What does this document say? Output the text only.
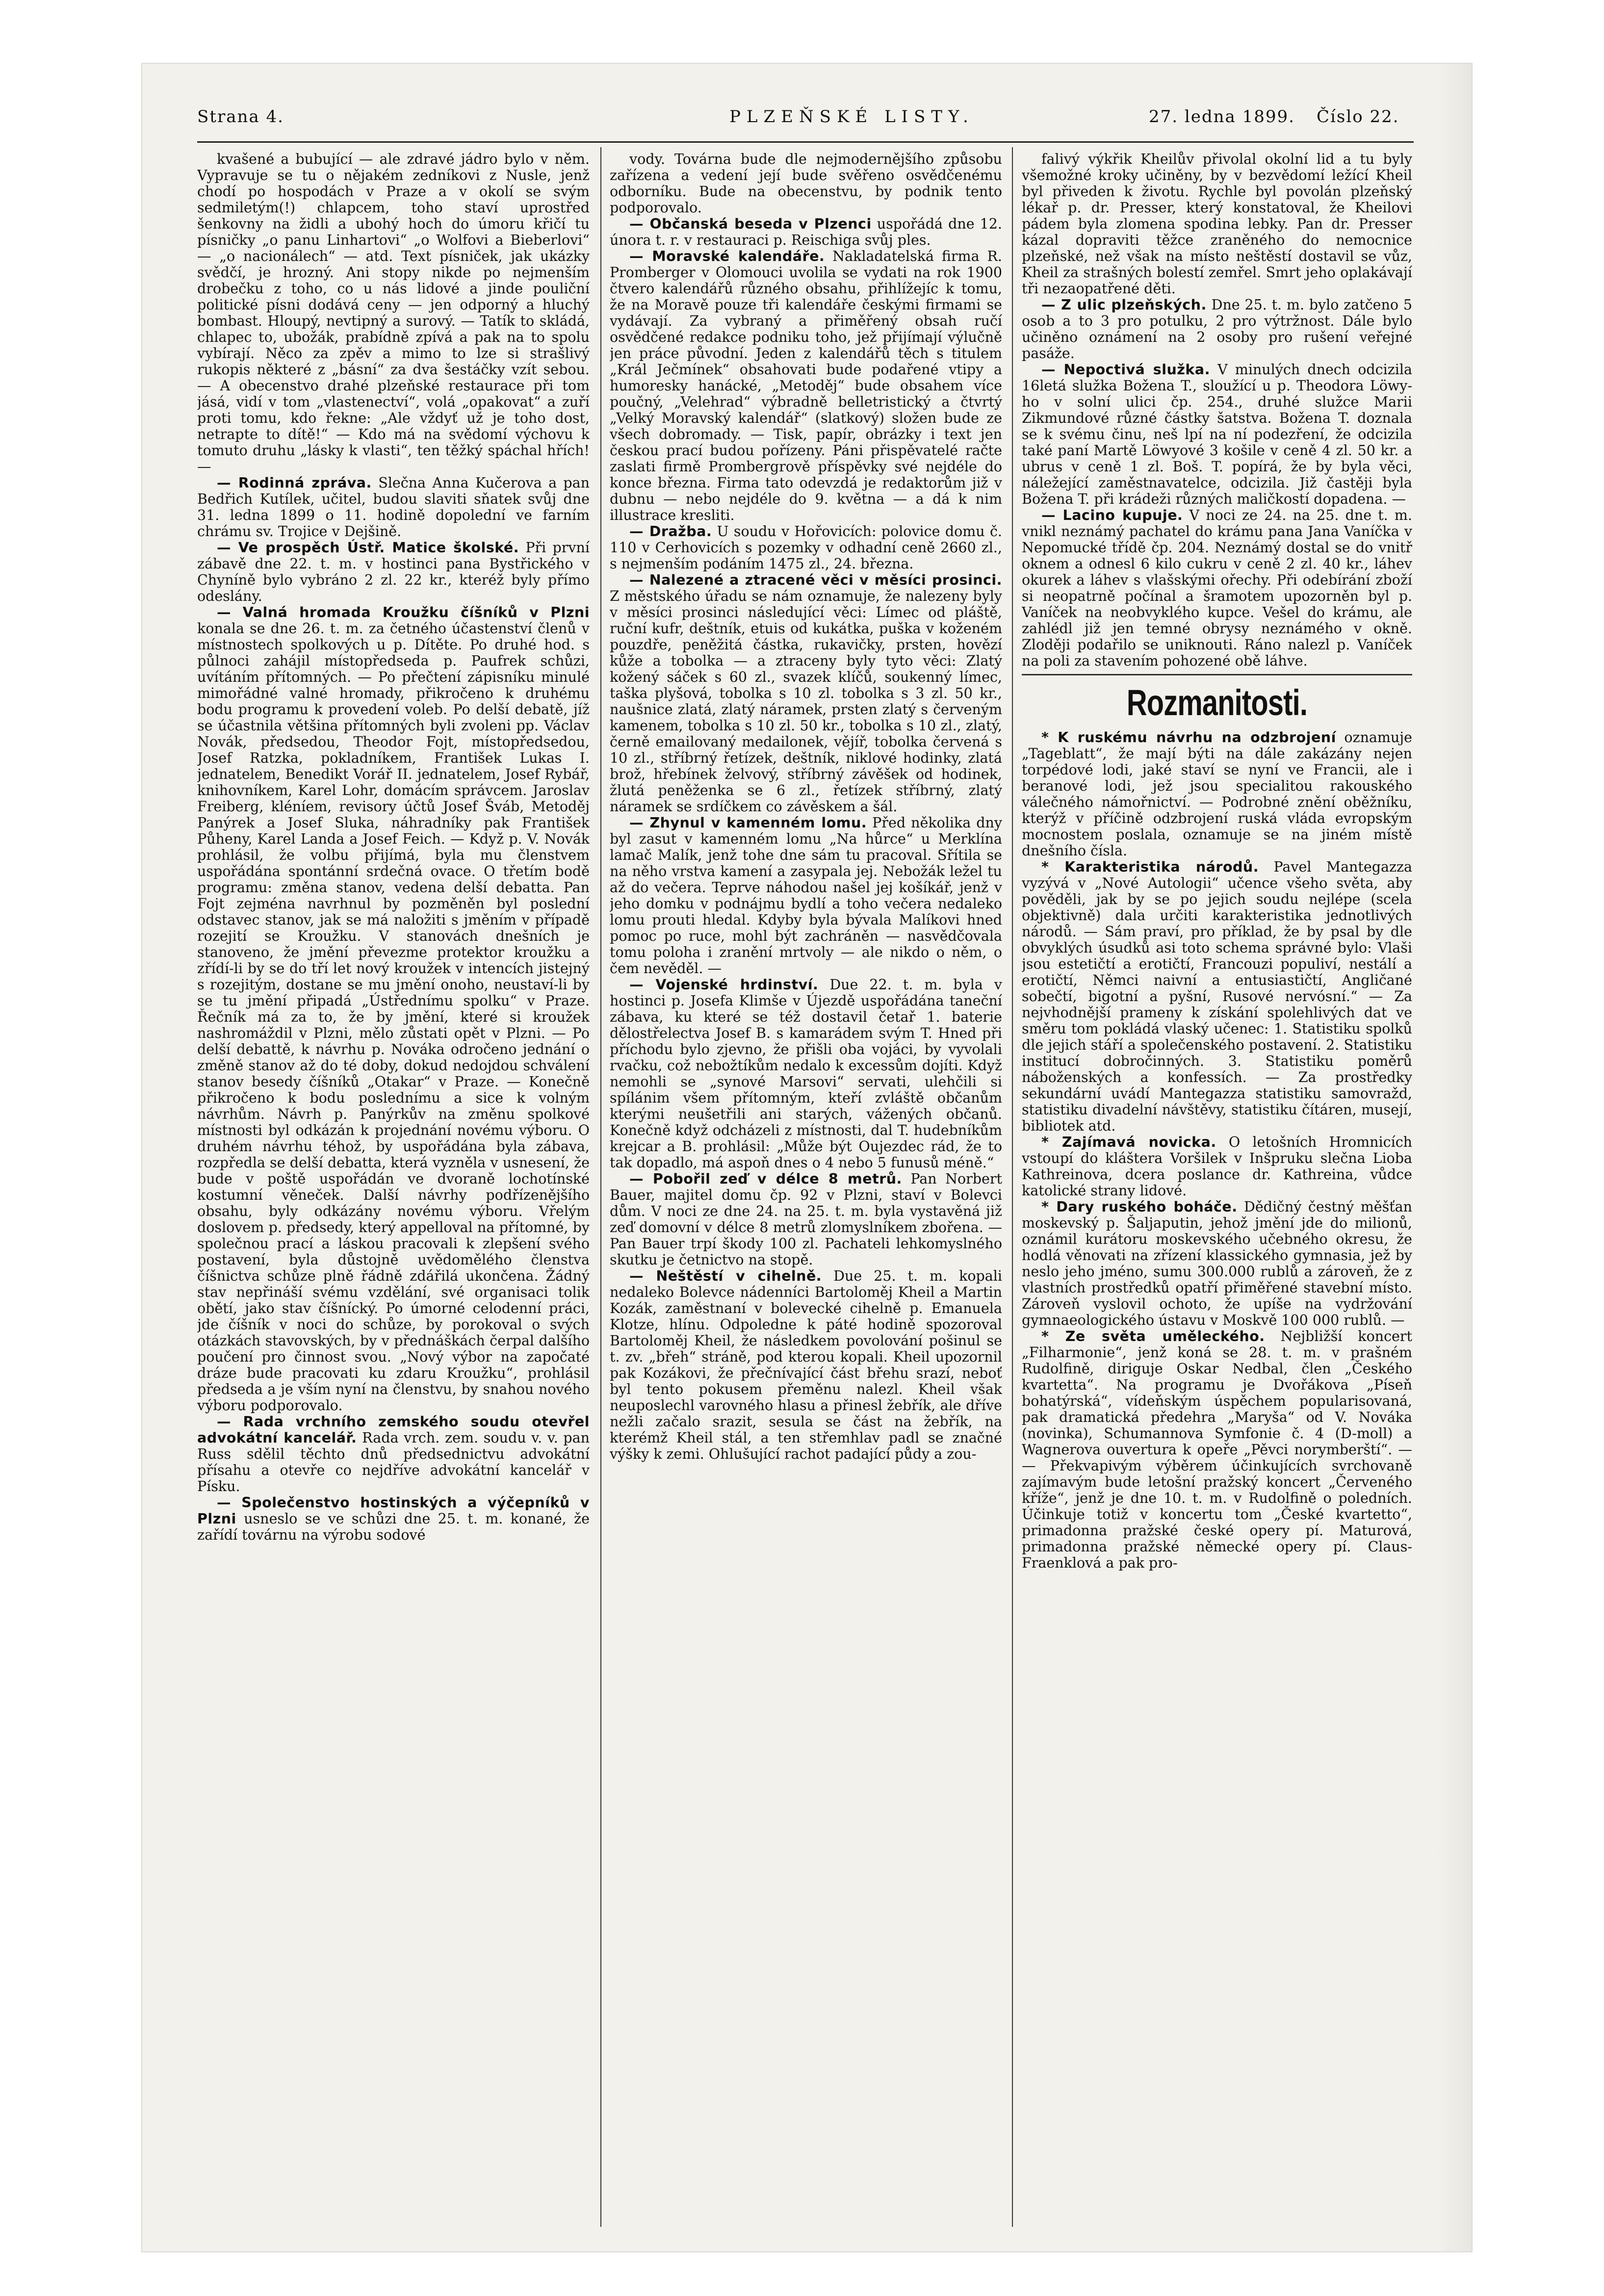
Strana 4.	PLZEŇSKÉ LISTY.	27. ledna 1899. Číslo 22.

kvašené a bubující — ale zdravé jádro bylo v něm. Vypravuje se tu o nějakém zedníkovi z Nusle, jenž chodí po hospodách v Praze a v okolí se svým sedmiletým(!) chlapcem, toho staví uprostřed šenkovny na židli a ubohý hoch do úmoru křičí tu písničky „o panu Linhartovi“ „o Wolfovi a Bieberlovi“ — „o nacionálech“ — atd. Text písniček, jak ukázky svědčí, je hrozný. Ani stopy nikde po nejmenším drobečku z toho, co u nás lidové a jinde pouliční politické písni dodává ceny — jen odporný a hluchý bombast. Hloupý, nevtipný a surový. — Tatík to skládá, chlapec to, ubožák, prabídně zpívá a pak na to spolu vybírají. Něco za zpěv a mimo to lze si strašlivý rukopis některé z „básní“ za dva šestáčky vzít sebou. — A obecenstvo drahé plzeňské restaurace při tom jásá, vidí v tom „vlastenectví“, volá „opakovat“ a zuří proti tomu, kdo řekne: „Ale vždyť už je toho dost, netrapte to dítě!“ — Kdo má na svědomí výchovu k tomuto druhu „lásky k vlasti“, ten těžký spáchal hřích! —

— Rodinná zpráva. Slečna Anna Kučerova a pan Bedřich Kutílek, učitel, budou slaviti sňatek svůj dne 31. ledna 1899 o 11. hodině dopolední ve farním chrámu sv. Trojice v Dejšině.

— Ve prospěch Ústř. Matice školské. Při první zábavě dne 22. t. m. v hostinci pana Bystřického v Chyníně bylo vybráno 2 zl. 22 kr., kteréž byly přímo odeslány.

— Valná hromada Kroužku číšníků v Plzni konala se dne 26. t. m. za četného účastenství členů v místnostech spolkových u p. Dítěte. Po druhé hod. s půlnoci zahájil místopředseda p. Paufrek schůzi, uvítáním přítomných. — Po přečtení zápisníku minulé mimořádné valné hromady, přikročeno k druhému bodu programu k provedení voleb. Po delší debatě, jíž se účastnila většina přítomných byli zvoleni pp. Václav Novák, předsedou, Theodor Fojt, místopředsedou, Josef Ratzka, pokladníkem, František Lukas I. jednatelem, Benedikt Vorář II. jednatelem, Josef Rybář, knihovníkem, Karel Lohr, domácím správcem. Jaroslav Freiberg, kléníem, revisory účtů Josef Šváb, Metoděj Panýrek a Josef Sluka, náhradníky pak František Půheny, Karel Landa a Josef Feich. — Když p. V. Novák prohlásil, že volbu přijímá, byla mu členstvem uspořádána spontánní srdečná ovace. O třetím bodě programu: změna stanov, vedena delší debatta. Pan Fojt zejména navrhnul by pozměněn byl poslední odstavec stanov, jak se má naložiti s jměním v případě rozejití se Kroužku. V stanovách dnešních je stanoveno, že jmění převezme protektor kroužku a zřídí-li by se do tří let nový kroužek v intencích jistejný s rozejitým, dostane se mu jmění onoho, neustaví-li by se tu jmění připadá „Ústřednímu spolku“ v Praze. Řečník má za to, že by jmění, které si kroužek nashromáždil v Plzni, mělo zůstati opět v Plzni. — Po delší debattě, k návrhu p. Nováka odročeno jednání o změně stanov až do té doby, dokud nedojdou schválení stanov besedy číšníků „Otakar“ v Praze. — Konečně přikročeno k bodu poslednímu a sice k volným návrhům. Návrh p. Panýrkův na změnu spolkové místnosti byl odkázán k projednání novému výboru. O druhém návrhu téhož, by uspořádána byla zábava, rozpředla se delší debatta, která vyzněla v usnesení, že bude v poště uspořádán ve dvoraně lochotínské kostumní věneček. Další návrhy podřízenějšího obsahu, byly odkázány novému výboru. Vřelým doslovem p. předsedy, který appelloval na přítomné, by společnou prací a láskou pracovali k zlepšení svého postavení, byla důstojně uvědomělého členstva číšnictva schůze plně řádně zdářilá ukončena. Žádný stav nepřináší svému vzdělání, své organisaci tolik obětí, jako stav číšnícký. Po úmorné celodenní práci, jde číšník v noci do schůze, by porokoval o svých otázkách stavovských, by v přednáškách čerpal dalšího poučení pro činnost svou. „Nový výbor na započaté dráze bude pracovati ku zdaru Kroužku“, prohlásil předseda a je vším nyní na členstvu, by snahou nového výboru podporovalo.

— Rada vrchního zemského soudu otevřel advokátní kancelář. Rada vrch. zem. soudu v. v. pan Russ sdělil těchto dnů předsednictvu advokátní přísahu a otevře co nejdříve advokátní kancelář v Písku.

— Společenstvo hostinských a výčepníků v Plzni usneslo se ve schůzi dne 25. t. m. konané, že zařídí továrnu na výrobu sodové

vody. Továrna bude dle nejmodernějšího způsobu zařízena a vedení její bude svěřeno osvědčenému odborníku. Bude na obecenstvu, by podnik tento podporovalo.

— Občanská beseda v Plzenci uspořádá dne 12. února t. r. v restauraci p. Reischiga svůj ples.

— Moravské kalendáře. Nakladatelská firma R. Promberger v Olomouci uvolila se vydati na rok 1900 čtvero kalendářů různého obsahu, přihlížejíc k tomu, že na Moravě pouze tři kalendáře českými firmami se vydávají. Za vybraný a přiměřený obsah ručí osvědčené redakce podniku toho, jež přijímají výlučně jen práce původní. Jeden z kalendářů těch s titulem „Král Ječmínek“ obsahovati bude podařené vtipy a humoresky hanácké, „Metoděj“ bude obsahem více poučný, „Velehrad“ výbradně belletristický a čtvrtý „Velký Moravský kalendář“ (slatkový) složen bude ze všech dobromady. — Tisk, papír, obrázky i text jen českou prací budou pořízeny. Páni přispěvatelé račte zaslati firmě Prombergrově příspěvky své nejdéle do konce března. Firma tato odevzdá je redaktorům již v dubnu — nebo nejdéle do 9. května — a dá k nim illustrace kresliti.

— Dražba. U soudu v Hořovicích: polovice domu č. 110 v Cerhovicích s pozemky v odhadní ceně 2660 zl., s nejmenším podáním 1475 zl., 24. března.

— Nalezené a ztracené věci v měsíci prosinci. Z městského úřadu se nám oznamuje, že nalezeny byly v měsíci prosinci následující věci: Límec od pláště, ruční kufr, deštník, etuis od kukátka, puška v koženém pouzdře, peněžitá částka, rukavičky, prsten, hovězí kůže a tobolka — a ztraceny byly tyto věci: Zlatý kožený sáček s 60 zl., svazek klíčů, soukenný límec, taška plyšová, tobolka s 10 zl. tobolka s 3 zl. 50 kr., naušnice zlatá, zlatý náramek, prsten zlatý s červeným kamenem, tobolka s 10 zl. 50 kr., tobolka s 10 zl., zlatý, černě emailovaný medailonek, vějíř, tobolka červená s 10 zl., stříbrný řetízek, deštník, niklové hodinky, zlatá brož, hřebínek želvový, stříbrný závěšek od hodinek, žlutá peněženka se 6 zl., řetízek stříbrný, zlatý náramek se srdíčkem co závěskem a šál.

— Zhynul v kamenném lomu. Před několika dny byl zasut v kamenném lomu „Na hůrce“ u Merklína lamač Malík, jenž tohe dne sám tu pracoval. Sřítila se na něho vrstva kamení a zasypala jej. Nebožák ležel tu až do večera. Teprve náhodou našel jej košíkář, jenž v jeho domku v podnájmu bydlí a toho večera nedaleko lomu prouti hledal. Kdyby byla bývala Malíkovi hned pomoc po ruce, mohl být zachráněn — nasvědčovala tomu poloha i zranění mrtvoly — ale nikdo o něm, o čem nevěděl. —

— Vojenské hrdinství. Due 22. t. m. byla v hostinci p. Josefa Klimše v Újezdě uspořádána taneční zábava, ku které se též dostavil četař 1. baterie dělostřelectva Josef B. s kamarádem svým T. Hned při příchodu bylo zjevno, že přišli oba vojáci, by vyvolali rvačku, což nebožtíkům nedalo k excessům dojíti. Když nemohli se „synové Marsovi“ servati, ulehčili si spílánim všem přítomným, kteří zvláště občanům kterými neušetřili ani starých, vážených občanů. Konečně když odcházeli z místnosti, dal T. hudebníkům krejcar a B. prohlásil: „Může být Oujezdec rád, že to tak dopadlo, má aspoň dnes o 4 nebo 5 funusů méně.“

— Pobořil zeď v délce 8 metrů. Pan Norbert Bauer, majitel domu čp. 92 v Plzni, staví v Bolevci dům. V noci ze dne 24. na 25. t. m. byla vystavěná již zeď domovní v délce 8 metrů zlomyslníkem zbořena. — Pan Bauer trpí škody 100 zl. Pachateli lehkomyslného skutku je četnictvo na stopě.

— Neštěstí v cihelně. Due 25. t. m. kopali nedaleko Bolevce nádenníci Bartoloměj Kheil a Martin Kozák, zaměstnaní v bolevecké cihelně p. Emanuela Klotze, hlínu. Odpoledne k páté hodině spozoroval Bartoloměj Kheil, že následkem povolování pošinul se t. zv. „břeh“ stráně, pod kterou kopali. Kheil upozornil pak Kozákovi, že přečnívající část břehu srazí, neboť byl tento pokusem přeměnu nalezl. Kheil však neuposlechl varovného hlasu a přinesl žebřík, ale dříve nežli začalo srazit, sesula se část na žebřík, na kterémž Kheil stál, a ten střemhlav padl se značné výšky k zemi. Ohlušující rachot padající půdy a zou-

falivý výkřik Kheilův přivolal okolní lid a tu byly všemožné kroky učiněny, by v bezvědomí ležící Kheil byl přiveden k životu. Rychle byl povolán plzeňský lékař p. dr. Presser, který konstatoval, že Kheilovi pádem byla zlomena spodina lebky. Pan dr. Presser kázal dopraviti těžce zraněného do nemocnice plzeňské, než však na místo neštěstí dostavil se vůz, Kheil za strašných bolestí zemřel. Smrt jeho oplakávají tři nezaopatřené děti.

— Z ulic plzeňských. Dne 25. t. m. bylo zatčeno 5 osob a to 3 pro potulku, 2 pro výtržnost. Dále bylo učiněno oznámení na 2 osoby pro rušení veřejné pasáže.

— Nepoctivá služka. V minulých dnech odcizila 16letá služka Božena T., sloužící u p. Theodora Löwy-ho v solní ulici čp. 254., druhé služce Marii Zikmundové různé částky šatstva. Božena T. doznala se k svému činu, neš lpí na ní podezření, že odcizila také paní Martě Löwyové 3 košile v ceně 4 zl. 50 kr. a ubrus v ceně 1 zl. Boš. T. popírá, že by byla věci, náležející zaměstnavatelce, odcizila. Již častěji byla Božena T. při krádeži různých maličkostí dopadena. —

— Lacino kupuje. V noci ze 24. na 25. dne t. m. vnikl neznámý pachatel do krámu pana Jana Vaníčka v Nepomucké třídě čp. 204. Neznámý dostal se do vnitř oknem a odnesl 6 kilo cukru v ceně 2 zl. 40 kr., láhev okurek a láhev s vlašskými ořechy. Při odebírání zboží si neopatrně počínal a šramotem upozorněn byl p. Vaníček na neobvyklého kupce. Vešel do krámu, ale zahlédl již jen temné obrysy neznámého v okně. Zloději podařilo se uniknouti. Ráno nalezl p. Vaníček na poli za stavením pohozené obě láhve.

Rozmanitosti.

* K ruskému návrhu na odzbrojení oznamuje „Tageblatt“, že mají býti na dále zakázány nejen torpédové lodi, jaké staví se nyní ve Francii, ale i beranové lodi, jež jsou specialitou rakouského válečného námořnictví. — Podrobné znění oběžníku, kterýž v příčině odzbrojení ruská vláda evropským mocnostem poslala, oznamuje se na jiném místě dnešního čísla.

* Karakteristika národů. Pavel Mantegazza vyzývá v „Nové Autologii“ učence všeho světa, aby pověděli, jak by se po jejich soudu nejlépe (scela objektivně) dala určiti karakteristika jednotlivých národů. — Sám praví, pro příklad, že by psal by dle obvyklých úsudků asi toto schema správné bylo: Vlaši jsou estetičtí a erotičtí, Francouzi populiví, nestálí a erotičtí, Němci naivní a entusiastičtí, Angličané sobečtí, bigotní a pyšní, Rusové nervósní.“ — Za nejvhodnější prameny k získání spolehlivých dat ve směru tom pokládá vlaský učenec: 1. Statistiku spolků dle jejich stáří a společenského postavení. 2. Statistiku institucí dobročinných. 3. Statistiku poměrů náboženských a konfessích. — Za prostředky sekundární uvádí Mantegazza statistiku samovražd, statistiku divadelní návštěvy, statistiku čítáren, musejí, bibliotek atd.

* Zajímavá novicka. O letošních Hromnicích vstoupí do kláštera Voršilek v Inšpruku slečna Lioba Kathreinova, dcera poslance dr. Kathreina, vůdce katolické strany lidové.

* Dary ruského boháče. Dědičný čestný měšťan moskevský p. Šaljaputin, jehož jmění jde do milionů, oznámil kurátoru moskevského učebného okresu, že hodlá věnovati na zřízení klassického gymnasia, jež by neslo jeho jméno, sumu 300.000 rublů a zároveň, že z vlastních prostředků opatří přiměřené stavební místo. Zároveň vyslovil ochoto, že upíše na vydržování gymnaeologického ústavu v Moskvě 100 000 rublů. —

* Ze světa uměleckého. Nejbližší koncert „Filharmonie“, jenž koná se 28. t. m. v prašném Rudolfině, diriguje Oskar Nedbal, člen „Českého kvartetta“. Na programu je Dvořákova „Píseň bohatýrská“, vídeňským úspěchem popularisovaná, pak dramatická předehra „Maryša“ od V. Nováka (novinka), Schumannova Symfonie č. 4 (D-moll) a Wagnerova ouvertura k opeře „Pěvci norymberští“. — — Překvapivým výběrem účinkujících svrchovaně zajímavým bude letošní pražský koncert „Červeného kříže“, jenž je dne 10. t. m. v Rudolfině o poledních. Účinkuje totiž v koncertu tom „České kvartetto“, primadonna pražské české opery pí. Maturová, primadonna pražské německé opery pí. Claus-Fraenklová a pak pro-
